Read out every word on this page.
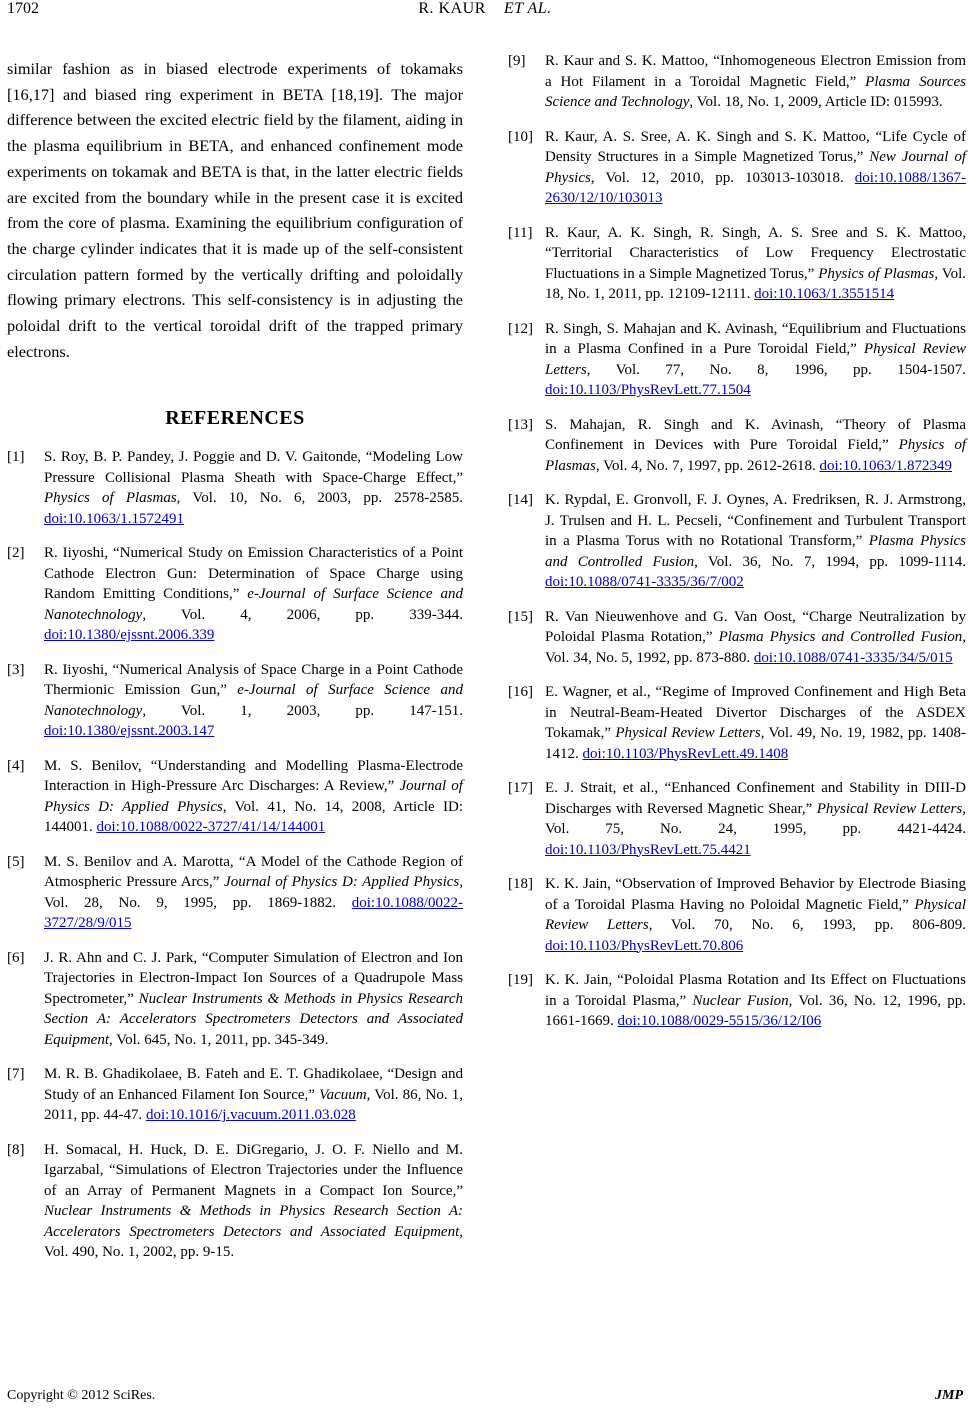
1702	R. KAUR ET AL.

similar fashion as in biased electrode experiments of tokamaks [16,17] and biased ring experiment in BETA [18,19]. The major difference between the excited electric field by the filament, aiding in the plasma equilibrium in BETA, and enhanced confinement mode experiments on tokamak and BETA is that, in the latter electric fields are excited from the boundary while in the present case it is excited from the core of plasma. Examining the equilibrium configuration of the charge cylinder indicates that it is made up of the self-consistent circulation pattern formed by the vertically drifting and poloidally flowing primary electrons. This self-consistency is in adjusting the poloidal drift to the vertical toroidal drift of the trapped primary electrons.

REFERENCES
[1]	S. Roy, B. P. Pandey, J. Poggie and D. V. Gaitonde, “Modeling Low Pressure Collisional Plasma Sheath with Space-Charge Effect,” Physics of Plasmas, Vol. 10, No. 6, 2003, pp. 2578-2585. doi:10.1063/1.1572491
[2]	R. Iiyoshi, “Numerical Study on Emission Characteristics of a Point Cathode Electron Gun: Determination of Space Charge using Random Emitting Conditions,” e-Journal of Surface Science and Nanotechnology, Vol. 4, 2006, pp. 339-344. doi:10.1380/ejssnt.2006.339
[3]	R. Iiyoshi, “Numerical Analysis of Space Charge in a Point Cathode Thermionic Emission Gun,” e-Journal of Surface Science and Nanotechnology, Vol. 1, 2003, pp. 147-151. doi:10.1380/ejssnt.2003.147
[4]	M. S. Benilov, “Understanding and Modelling Plasma-Electrode Interaction in High-Pressure Arc Discharges: A Review,” Journal of Physics D: Applied Physics, Vol. 41, No. 14, 2008, Article ID: 144001. doi:10.1088/0022-3727/41/14/144001
[5]	M. S. Benilov and A. Marotta, “A Model of the Cathode Region of Atmospheric Pressure Arcs,” Journal of Physics D: Applied Physics, Vol. 28, No. 9, 1995, pp. 1869-1882. doi:10.1088/0022-3727/28/9/015
[6]	J. R. Ahn and C. J. Park, “Computer Simulation of Electron and Ion Trajectories in Electron-Impact Ion Sources of a Quadrupole Mass Spectrometer,” Nuclear Instruments & Methods in Physics Research Section A: Accelerators Spectrometers Detectors and Associated Equipment, Vol. 645, No. 1, 2011, pp. 345-349.
[7]	M. R. B. Ghadikolaee, B. Fateh and E. T. Ghadikolaee, “Design and Study of an Enhanced Filament Ion Source,” Vacuum, Vol. 86, No. 1, 2011, pp. 44-47. doi:10.1016/j.vacuum.2011.03.028
[8]	H. Somacal, H. Huck, D. E. DiGregario, J. O. F. Niello and M. Igarzabal, “Simulations of Electron Trajectories under the Influence of an Array of Permanent Magnets in a Compact Ion Source,” Nuclear Instruments & Methods in Physics Research Section A: Accelerators Spectrometers Detectors and Associated Equipment, Vol. 490, No. 1, 2002, pp. 9-15.
[9]	R. Kaur and S. K. Mattoo, “Inhomogeneous Electron Emission from a Hot Filament in a Toroidal Magnetic Field,” Plasma Sources Science and Technology, Vol. 18, No. 1, 2009, Article ID: 015993.
[10] R. Kaur, A. S. Sree, A. K. Singh and S. K. Mattoo, “Life Cycle of Density Structures in a Simple Magnetized Torus,” New Journal of Physics, Vol. 12, 2010, pp. 103013-103018. doi:10.1088/1367-2630/12/10/103013
[11] R. Kaur, A. K. Singh, R. Singh, A. S. Sree and S. K. Mattoo, “Territorial Characteristics of Low Frequency Electrostatic Fluctuations in a Simple Magnetized Torus,” Physics of Plasmas, Vol. 18, No. 1, 2011, pp. 12109-12111. doi:10.1063/1.3551514
[12] R. Singh, S. Mahajan and K. Avinash, “Equilibrium and Fluctuations in a Plasma Confined in a Pure Toroidal Field,” Physical Review Letters, Vol. 77, No. 8, 1996, pp. 1504-1507. doi:10.1103/PhysRevLett.77.1504
[13] S. Mahajan, R. Singh and K. Avinash, “Theory of Plasma Confinement in Devices with Pure Toroidal Field,” Physics of Plasmas, Vol. 4, No. 7, 1997, pp. 2612-2618. doi:10.1063/1.872349
[14] K. Rypdal, E. Gronvoll, F. J. Oynes, A. Fredriksen, R. J. Armstrong, J. Trulsen and H. L. Pecseli, “Confinement and Turbulent Transport in a Plasma Torus with no Rotational Transform,” Plasma Physics and Controlled Fusion, Vol. 36, No. 7, 1994, pp. 1099-1114. doi:10.1088/0741-3335/36/7/002
[15] R. Van Nieuwenhove and G. Van Oost, “Charge Neutralization by Poloidal Plasma Rotation,” Plasma Physics and Controlled Fusion, Vol. 34, No. 5, 1992, pp. 873-880. doi:10.1088/0741-3335/34/5/015
[16] E. Wagner, et al., “Regime of Improved Confinement and High Beta in Neutral-Beam-Heated Divertor Discharges of the ASDEX Tokamak,” Physical Review Letters, Vol. 49, No. 19, 1982, pp. 1408-1412. doi:10.1103/PhysRevLett.49.1408
[17] E. J. Strait, et al., “Enhanced Confinement and Stability in DIII-D Discharges with Reversed Magnetic Shear,” Physical Review Letters, Vol. 75, No. 24, 1995, pp. 4421-4424. doi:10.1103/PhysRevLett.75.4421
[18] K. K. Jain, “Observation of Improved Behavior by Electrode Biasing of a Toroidal Plasma Having no Poloidal Magnetic Field,” Physical Review Letters, Vol. 70, No. 6, 1993, pp. 806-809. doi:10.1103/PhysRevLett.70.806
[19] K. K. Jain, “Poloidal Plasma Rotation and Its Effect on Fluctuations in a Toroidal Plasma,” Nuclear Fusion, Vol. 36, No. 12, 1996, pp. 1661-1669. doi:10.1088/0029-5515/36/12/I06
Copyright © 2012 SciRes.	JMP
